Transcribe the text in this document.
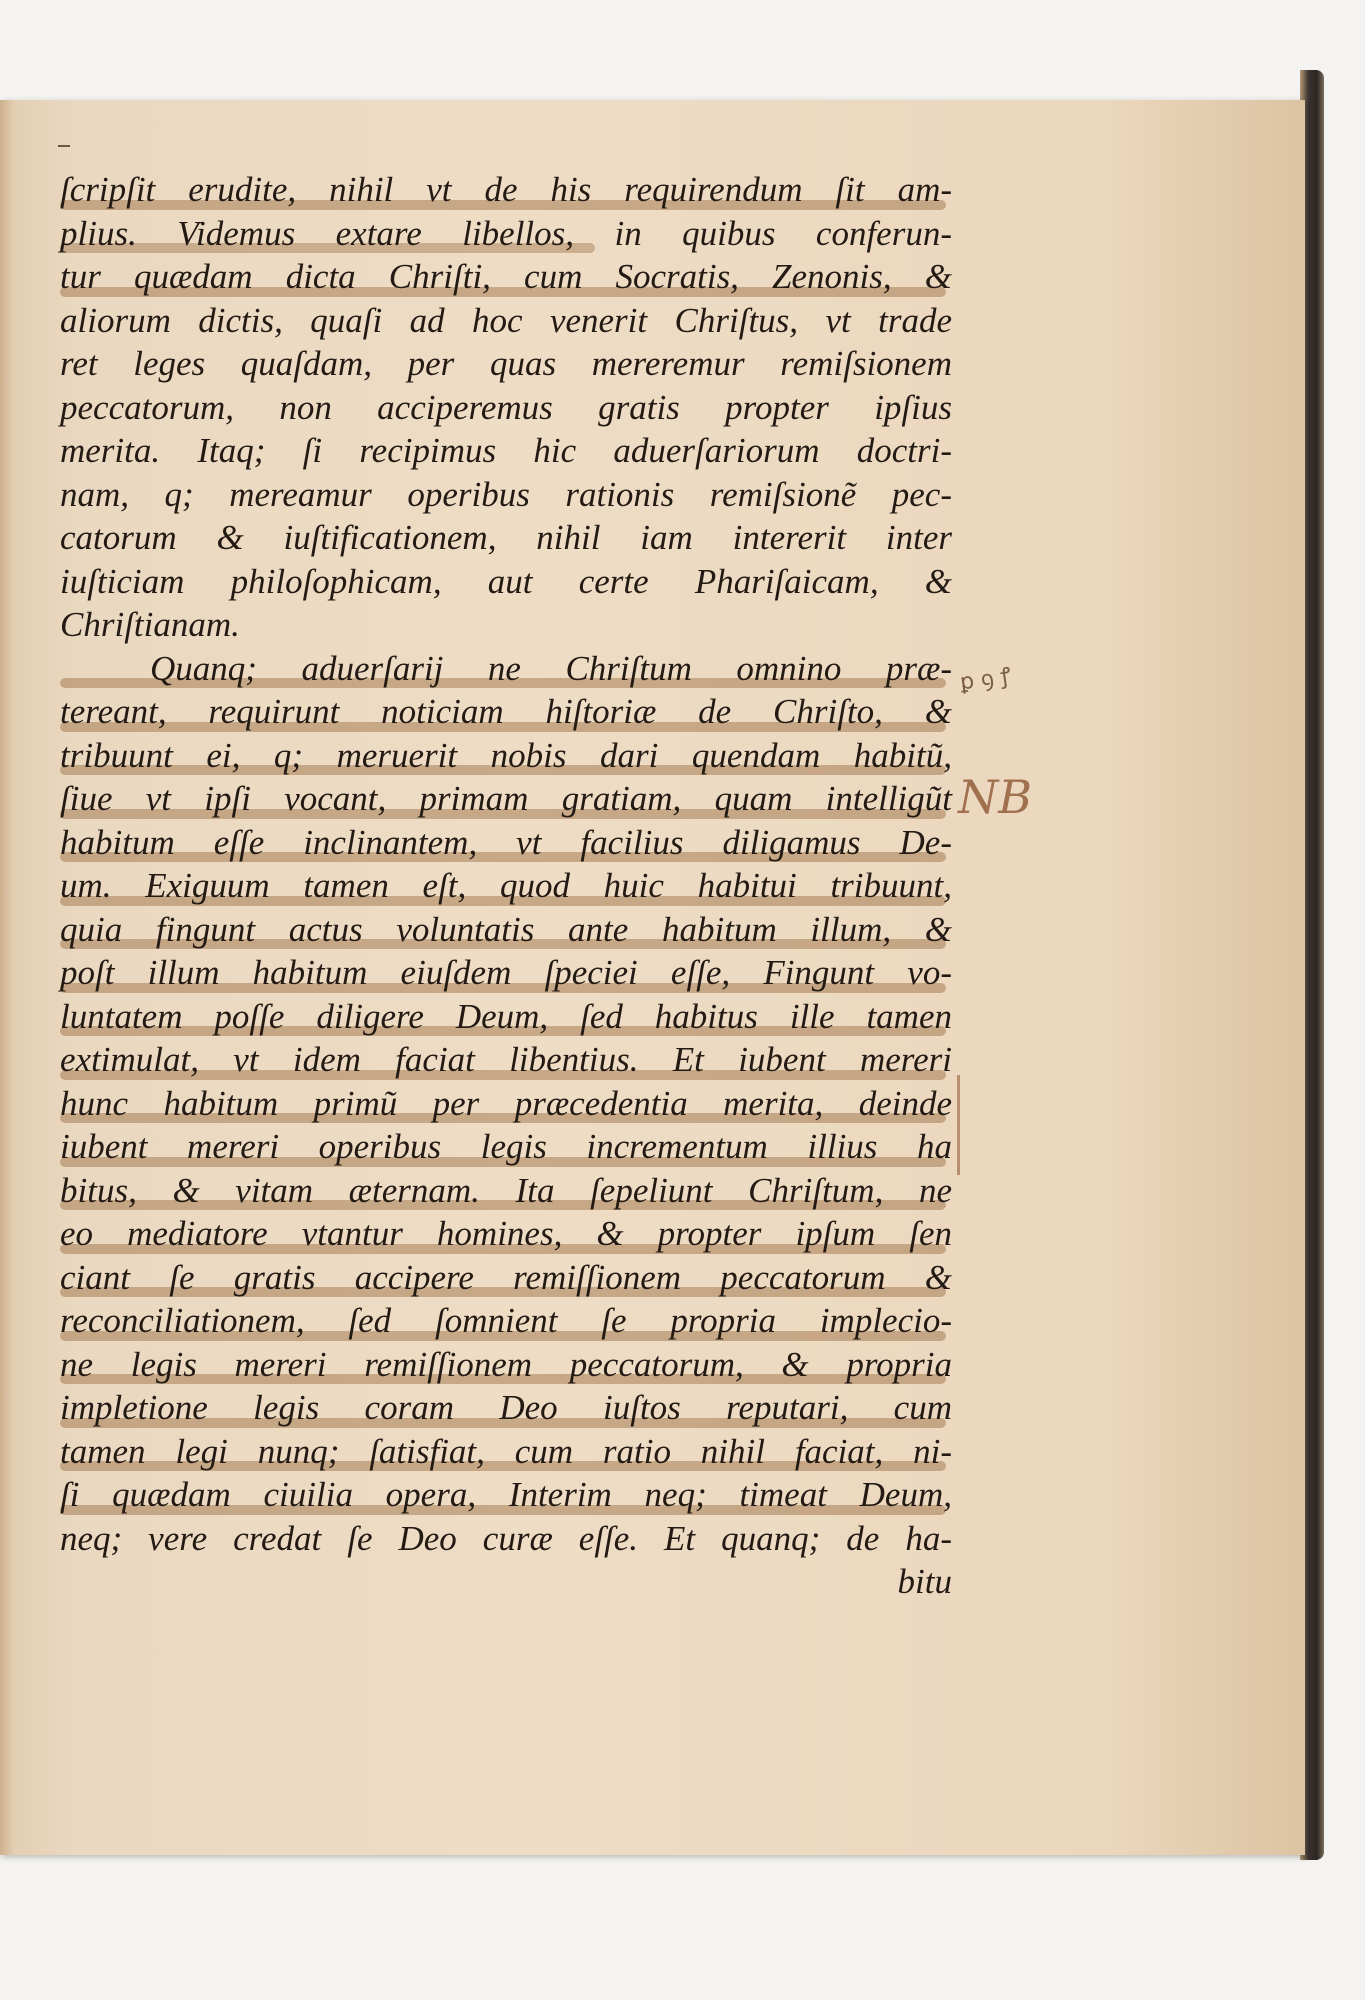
ſcripſit erudite, nihil vt de his requirendum ſit am-
plius. Videmus extare libellos, in quibus conferun-
tur quædam dicta Chriſti, cum Socratis, Zenonis, &
aliorum dictis, quaſi ad hoc venerit Chriſtus, vt trade
ret leges quaſdam, per quas mereremur remiſsionem
peccatorum, non acciperemus gratis propter ipſius
merita. Itaq; ſi recipimus hic aduerſariorum doctri-
nam, q; mereamur operibus rationis remiſsionẽ pec-
catorum & iuſtificationem, nihil iam intererit inter
iuſticiam philoſophicam, aut certe Phariſaicam, &
Chriſtianam.
Quanq; aduerſarij ne Chriſtum omnino præ-
tereant, requirunt noticiam hiſtoriæ de Chriſto, &
tribuunt ei, q; meruerit nobis dari quendam habitũ,
ſiue vt ipſi vocant, primam gratiam, quam intelligũt
habitum eſſe inclinantem, vt facilius diligamus De-
um. Exiguum tamen eſt, quod huic habitui tribuunt,
quia fingunt actus voluntatis ante habitum illum, &
poſt illum habitum eiuſdem ſpeciei eſſe, Fingunt vo-
luntatem poſſe diligere Deum, ſed habitus ille tamen
extimulat, vt idem faciat libentius. Et iubent mereri
hunc habitum primũ per præcedentia merita, deinde
iubent mereri operibus legis incrementum illius ha
bitus, & vitam æternam. Ita ſepeliunt Chriſtum, ne
eo mediatore vtantur homines, & propter ipſum ſen
ciant ſe gratis accipere remiſſionem peccatorum &
reconciliationem, ſed ſomnient ſe propria implecio-
ne legis mereri remiſſionem peccatorum, & propria
impletione legis coram Deo iuſtos reputari, cum
tamen legi nunq; ſatisfiat, cum ratio nihil faciat, ni-
ſi quædam ciuilia opera, Interim neq; timeat Deum,
neq; vere credat ſe Deo curæ eſſe. Et quanq; de ha-
bitu
ꝑ ꝯ ꝭ
NB
